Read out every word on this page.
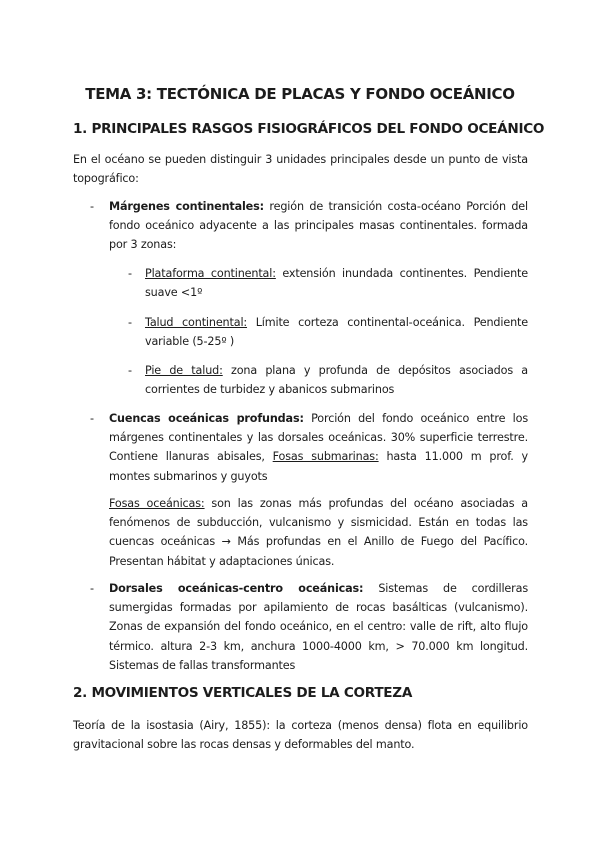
TEMA 3: TECTÓNICA DE PLACAS Y FONDO OCEÁNICO
1. PRINCIPALES RASGOS FISIOGRÁFICOS DEL FONDO OCEÁNICO

En el océano se pueden distinguir 3 unidades principales desde un punto de vista topográfico:

- Márgenes continentales: región de transición costa-océano Porción del fondo oceánico adyacente a las principales masas continentales. formada por 3 zonas:

- Plataforma continental: extensión inundada continentes. Pendiente suave <1º

- Talud continental: Límite corteza continental-oceánica. Pendiente variable (5-25º )

- Pie de talud: zona plana y profunda de depósitos asociados a corrientes de turbidez y abanicos submarinos

- Cuencas oceánicas profundas: Porción del fondo oceánico entre los márgenes continentales y las dorsales oceánicas. 30% superficie terrestre. Contiene llanuras abisales, Fosas submarinas: hasta 11.000 m prof. y montes submarinos y guyots

Fosas oceánicas: son las zonas más profundas del océano asociadas a fenómenos de subducción, vulcanismo y sismicidad. Están en todas las cuencas oceánicas → Más profundas en el Anillo de Fuego del Pacífico. Presentan hábitat y adaptaciones únicas.

- Dorsales oceánicas-centro oceánicas: Sistemas de cordilleras sumergidas formadas por apilamiento de rocas basálticas (vulcanismo). Zonas de expansión del fondo oceánico, en el centro: valle de rift, alto flujo térmico. altura 2-3 km, anchura 1000-4000 km, > 70.000 km longitud. Sistemas de fallas transformantes

2. MOVIMIENTOS VERTICALES DE LA CORTEZA

Teoría de la isostasia (Airy, 1855): la corteza (menos densa) flota en equilibrio gravitacional sobre las rocas densas y deformables del manto.
